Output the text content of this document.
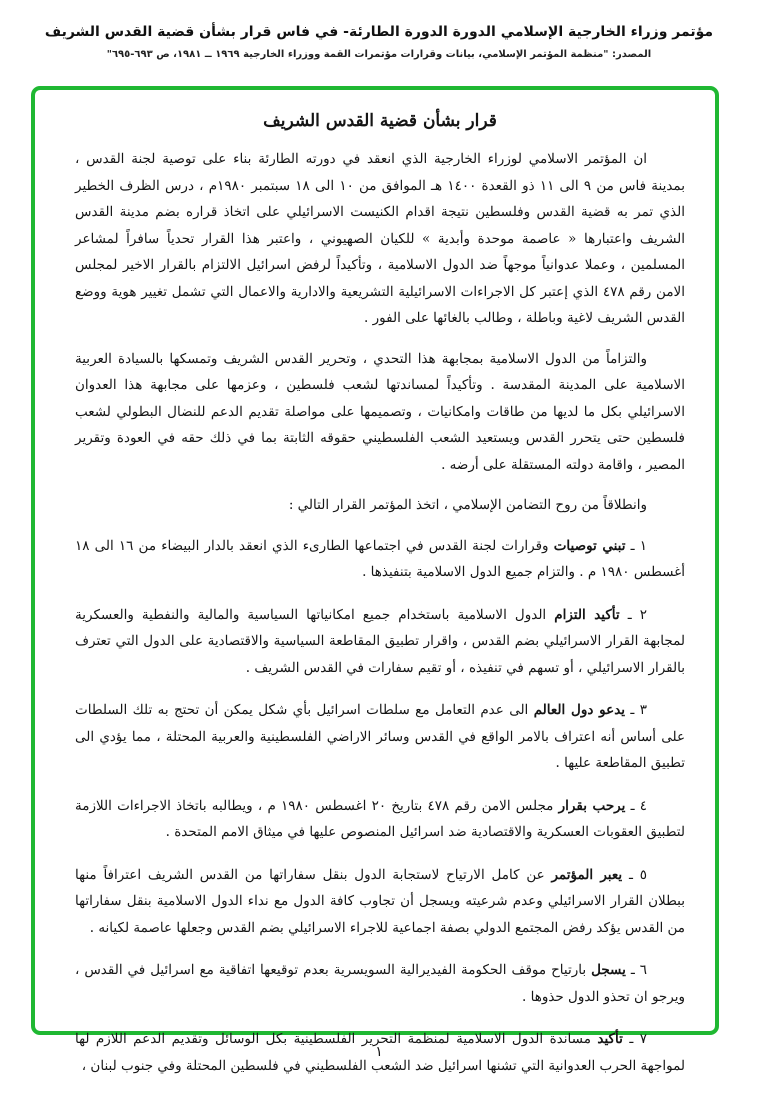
مؤتمر وزراء الخارجية الإسلامي الدورة الدورة الطارئة- في فاس قرار بشأن قضية القدس الشريف
المصدر: "منظمة المؤتمر الإسلامي، بيانات وقرارات مؤتمرات القمة ووزراء الخارجية ١٩٦٩ ــ ١٩٨١، ص ٦٩٣-٦٩٥"
قرار بشأن قضية القدس الشريف

ان المؤتمر الاسلامي لوزراء الخارجية الذي انعقد في دورته الطارئة بناء على توصية لجنة القدس ، بمدينة فاس من ٩ الى ١١ ذو القعدة ١٤٠٠ هـ الموافق من ١٠ الى ١٨ سبتمبر ١٩٨٠م ، درس الظرف الخطير الذي تمر به قضية القدس وفلسطين نتيجة اقدام الكنيست الاسرائيلي على اتخاذ قراره بضم مدينة القدس الشريف واعتبارها « عاصمة موحدة وأبدية » للكيان الصهيوني ، واعتبر هذا القرار تحدياً سافراً لمشاعر المسلمين ، وعملا عدوانياً موجهاً ضد الدول الاسلامية ، وتأكيداً لرفض اسرائيل الالتزام بالقرار الاخير لمجلس الامن رقم ٤٧٨ الذي إعتبر كل الاجراءات الاسرائيلية التشريعية والادارية والاعمال التي تشمل تغيير هوية ووضع القدس الشريف لاغية وباطلة ، وطالب بالغائها على الفور .

والتزاماً من الدول الاسلامية بمجابهة هذا التحدي ، وتحرير القدس الشريف وتمسكها بالسيادة العربية الاسلامية على المدينة المقدسة . وتأكيداً لمساندتها لشعب فلسطين ، وعزمها على مجابهة هذا العدوان الاسرائيلي بكل ما لديها من طاقات وامكانيات ، وتصميمها على مواصلة تقديم الدعم للنضال البطولي لشعب فلسطين حتى يتحرر القدس ويستعيد الشعب الفلسطيني حقوقه الثابتة بما في ذلك حقه في العودة وتقرير المصير ، واقامة دولته المستقلة على أرضه .

وانطلاقاً من روح التضامن الإسلامي ، اتخذ المؤتمر القرار التالي :

١ ـ تبني توصيات وقرارات لجنة القدس في اجتماعها الطارىء الذي انعقد بالدار البيضاء من ١٦ الى ١٨ أغسطس ١٩٨٠ م . والتزام جميع الدول الاسلامية بتنفيذها .

٢ ـ تأكيد التزام الدول الاسلامية باستخدام جميع امكانياتها السياسية والمالية والنفطية والعسكرية لمجابهة القرار الاسرائيلي بضم القدس ، واقرار تطبيق المقاطعة السياسية والاقتصادية على الدول التي تعترف بالقرار الاسرائيلي ، أو تسهم في تنفيذه ، أو تقيم سفارات في القدس الشريف .

٣ ـ يدعو دول العالم الى عدم التعامل مع سلطات اسرائيل بأي شكل يمكن أن تحتج به تلك السلطات على أساس أنه اعتراف بالامر الواقع في القدس وسائر الاراضي الفلسطينية والعربية المحتلة ، مما يؤدي الى تطبيق المقاطعة عليها .

٤ ـ يرحب بقرار مجلس الامن رقم ٤٧٨ بتاريخ ٢٠ اغسطس ١٩٨٠ م ، ويطالبه باتخاذ الاجراءات اللازمة لتطبيق العقوبات العسكرية والاقتصادية ضد اسرائيل المنصوص عليها في ميثاق الامم المتحدة .

٥ ـ يعبر المؤتمر عن كامل الارتياح لاستجابة الدول بنقل سفاراتها من القدس الشريف اعترافاً منها ببطلان القرار الاسرائيلي وعدم شرعيته ويسجل أن تجاوب كافة الدول مع نداء الدول الاسلامية بنقل سفاراتها من القدس يؤكد رفض المجتمع الدولي بصفة اجماعية للاجراء الاسرائيلي بضم القدس وجعلها عاصمة لكيانه .

٦ ـ يسجل بارتياح موقف الحكومة الفيديرالية السويسرية بعدم توقيعها اتفاقية مع اسرائيل في القدس ، ويرجو ان تحذو الدول حذوها .

٧ ـ تأكيد مساندة الدول الاسلامية لمنظمة التحرير الفلسطينية بكل الوسائل وتقديم الدعم اللازم لها لمواجهة الحرب العدوانية التي تشنها اسرائيل ضد الشعب الفلسطيني في فلسطين المحتلة وفي جنوب لبنان ،

١
